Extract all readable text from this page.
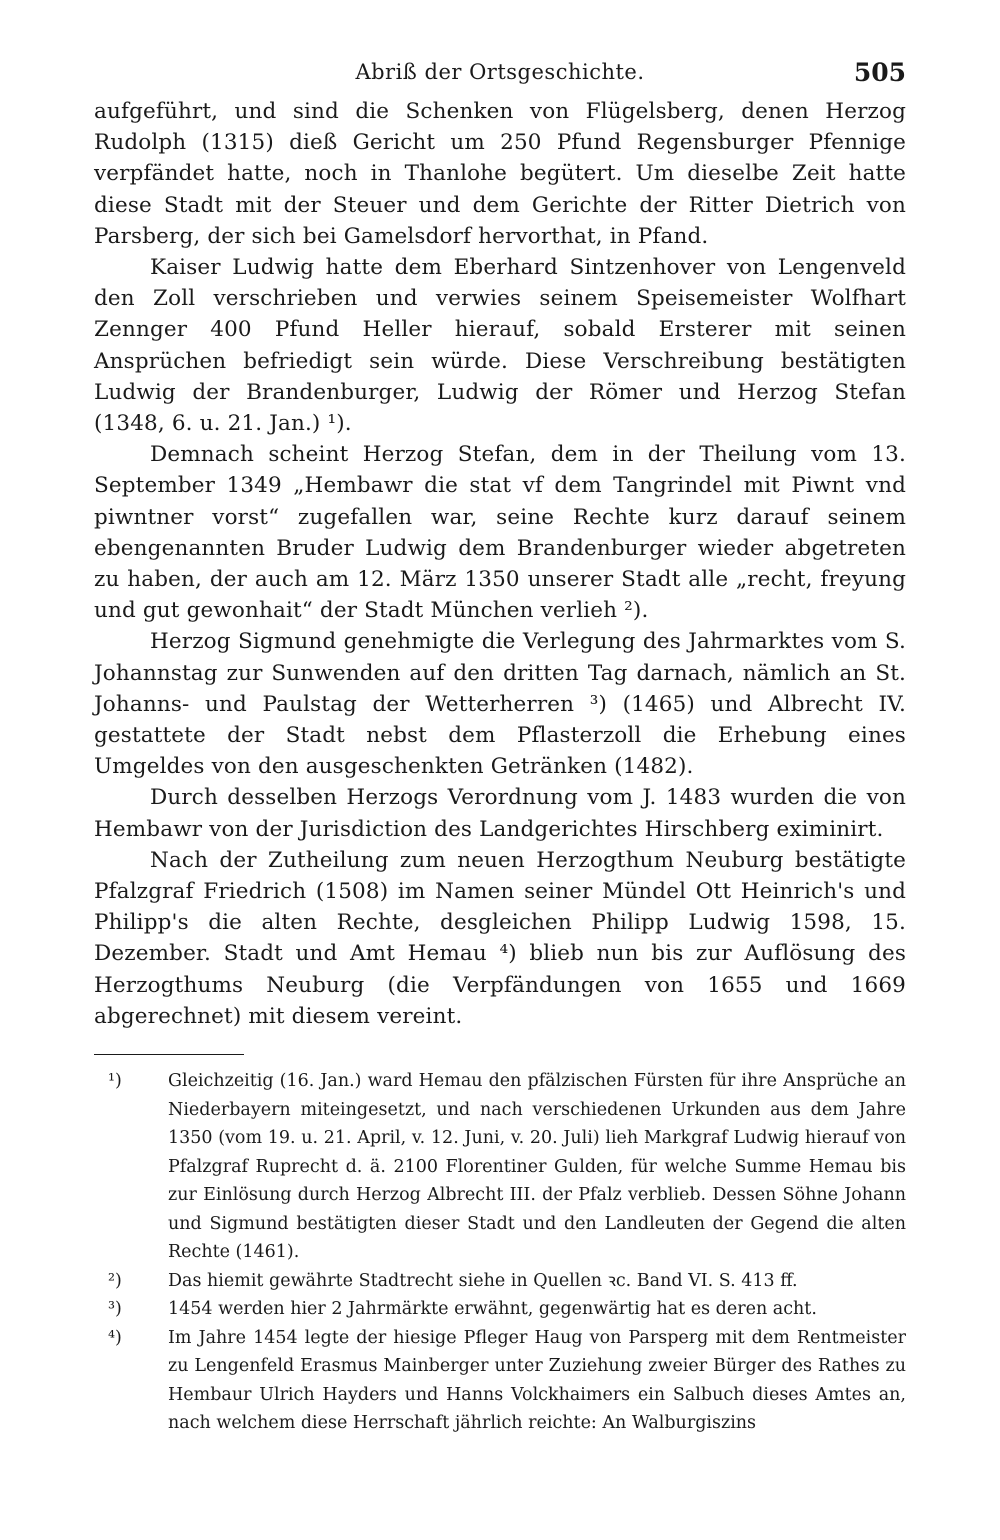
Abriß der Ortsgeschichte.	505

aufgeführt, und sind die Schenken von Flügelsberg, denen Herzog Rudolph (1315) dieß Gericht um 250 Pfund Regensburger Pfennige verpfändet hatte, noch in Thanlohe begütert. Um dieselbe Zeit hatte diese Stadt mit der Steuer und dem Gerichte der Ritter Dietrich von Parsberg, der sich bei Gamelsdorf hervorthat, in Pfand.

Kaiser Ludwig hatte dem Eberhard Sintzenhover von Lengenveld den Zoll verschrieben und verwies seinem Speisemeister Wolfhart Zennger 400 Pfund Heller hierauf, sobald Ersterer mit seinen Ansprüchen befriedigt sein würde. Diese Verschreibung bestätigten Ludwig der Brandenburger, Ludwig der Römer und Herzog Stefan (1348, 6. u. 21. Jan.) ¹).

Demnach scheint Herzog Stefan, dem in der Theilung vom 13. September 1349 „Hembawr die stat vf dem Tangrindel mit Piwnt vnd piwntner vorst“ zugefallen war, seine Rechte kurz darauf seinem ebengenannten Bruder Ludwig dem Brandenburger wieder abgetreten zu haben, der auch am 12. März 1350 unserer Stadt alle „recht, freyung und gut gewonhait“ der Stadt München verlieh ²).

Herzog Sigmund genehmigte die Verlegung des Jahrmarktes vom S. Johannstag zur Sunwenden auf den dritten Tag darnach, nämlich an St. Johanns- und Paulstag der Wetterherren ³) (1465) und Albrecht IV. gestattete der Stadt nebst dem Pflasterzoll die Erhebung eines Umgeldes von den ausgeschenkten Getränken (1482).

Durch desselben Herzogs Verordnung vom J. 1483 wurden die von Hembawr von der Jurisdiction des Landgerichtes Hirschberg eximinirt.

Nach der Zutheilung zum neuen Herzogthum Neuburg bestätigte Pfalzgraf Friedrich (1508) im Namen seiner Mündel Ott Heinrich's und Philipp's die alten Rechte, desgleichen Philipp Ludwig 1598, 15. Dezember. Stadt und Amt Hemau ⁴) blieb nun bis zur Auflösung des Herzogthums Neuburg (die Verpfändungen von 1655 und 1669 abgerechnet) mit diesem vereint.

¹)	Gleichzeitig (16. Jan.) ward Hemau den pfälzischen Fürsten für ihre Ansprüche an Niederbayern miteingesetzt, und nach verschiedenen Urkunden aus dem Jahre 1350 (vom 19. u. 21. April, v. 12. Juni, v. 20. Juli) lieh Markgraf Ludwig hierauf von Pfalzgraf Ruprecht d. ä. 2100 Florentiner Gulden, für welche Summe Hemau bis zur Einlösung durch Herzog Albrecht III. der Pfalz verblieb. Dessen Söhne Johann und Sigmund bestätigten dieser Stadt und den Landleuten der Gegend die alten Rechte (1461).
²)	Das hiemit gewährte Stadtrecht siehe in Quellen ꝛc. Band VI. S. 413 ff.
³)	1454 werden hier 2 Jahrmärkte erwähnt, gegenwärtig hat es deren acht.
⁴)	Im Jahre 1454 legte der hiesige Pfleger Haug von Parsperg mit dem Rentmeister zu Lengenfeld Erasmus Mainberger unter Zuziehung zweier Bürger des Rathes zu Hembaur Ulrich Hayders und Hanns Volckhaimers ein Salbuch dieses Amtes an, nach welchem diese Herrschaft jährlich reichte: An Walburgiszins
